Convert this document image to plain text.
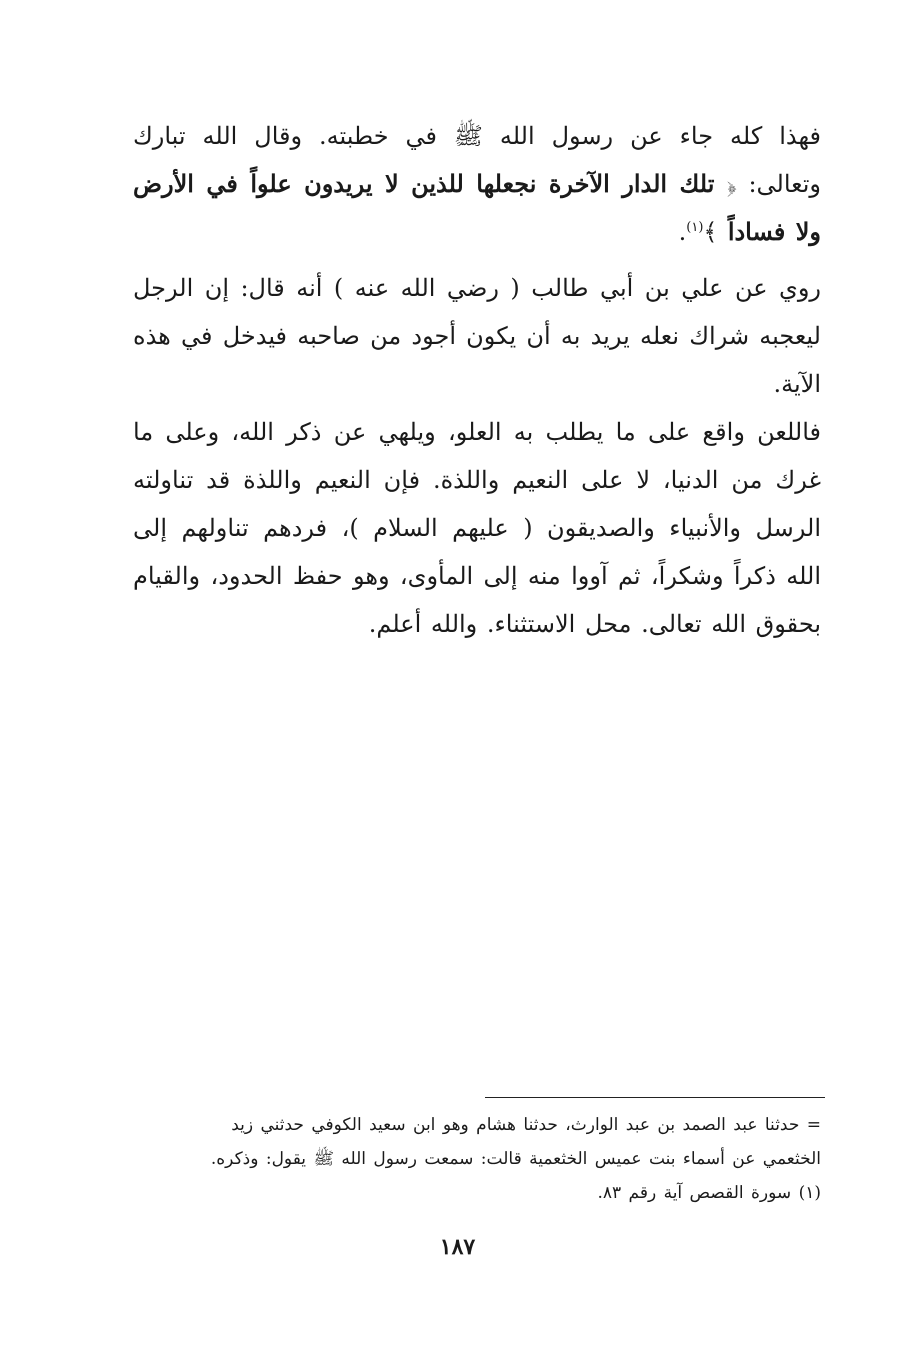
فهذا كله جاء عن رسول الله ﷺ في خطبته. وقال الله تبارك وتعالى: ﴿ تلك الدار الآخرة نجعلها للذين لا يريدون علواً في الأرض ولا فساداً ﴾$^{(١)}$.

روي عن علي بن أبي طالب ( رضي الله عنه ) أنه قال: إن الرجل ليعجبه شراك نعله يريد به أن يكون أجود من صاحبه فيدخل في هذه الآية.

فاللعن واقع على ما يطلب به العلو، ويلهي عن ذكر الله، وعلى ما غرك من الدنيا، لا على النعيم واللذة. فإن النعيم واللذة قد تناولته الرسل والأنبياء والصديقون ( عليهم السلام )، فردهم تناولهم إلى الله ذكراً وشكراً، ثم آووا منه إلى المأوى، وهو حفظ الحدود، والقيام بحقوق الله تعالى. محل الاستثناء. والله أعلم.

= حدثنا عبد الصمد بن عبد الوارث، حدثنا هشام وهو ابن سعيد الكوفي حدثني زيد
الخثعمي عن أسماء بنت عميس الخثعمية قالت: سمعت رسول الله ﷺ يقول: وذكره.
(١) سورة القصص آية رقم ٨٣.
١٨٧
